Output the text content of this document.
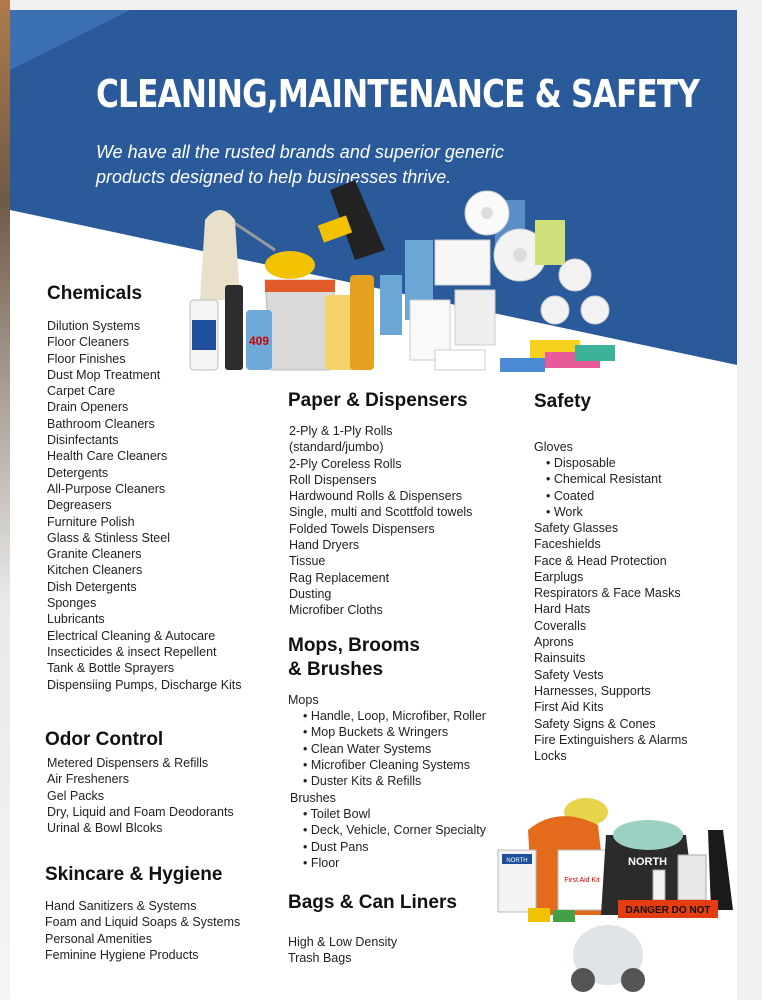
CLEANING,MAINTENANCE & SAFETY
We have all the rusted brands and superior generic
products designed to help businesses thrive.
409
Chemicals
Dilution Systems
Floor Cleaners
Floor Finishes
Dust Mop Treatment
Carpet Care
Drain Openers
Bathroom Cleaners
Disinfectants
Health Care Cleaners
Detergents
All-Purpose Cleaners
Degreasers
Furniture Polish
Glass & Stinless Steel
Granite Cleaners
Kitchen Cleaners
Dish Detergents
Sponges
Lubricants
Electrical Cleaning & Autocare
Insecticides & insect Repellent
Tank & Bottle Sprayers
Dispensiing Pumps, Discharge Kits
Odor Control
Metered Dispensers & Refills
Air Fresheners
Gel Packs
Dry, Liquid and Foam Deodorants
Urinal & Bowl Blcoks
Skincare & Hygiene
Hand Sanitizers & Systems
Foam and Liquid Soaps & Systems
Personal Amenities
Feminine Hygiene Products
Paper & Dispensers
2-Ply & 1-Ply Rolls
(standard/jumbo)
2-Ply Coreless Rolls
Roll Dispensers
Hardwound Rolls & Dispensers
Single, multi and Scottfold towels
Folded Towels Dispensers
Hand Dryers
Tissue
Rag Replacement
Dusting
Microfiber Cloths
Mops, Brooms
& Brushes
Mops
• Handle, Loop, Microfiber, Roller
• Mop Buckets & Wringers
• Clean Water Systems
• Microfiber Cleaning Systems
• Duster Kits & Refills
Brushes
• Toilet Bowl
• Deck, Vehicle, Corner Specialty
• Dust Pans
• Floor
Bags & Can Liners
High & Low Density
Trash Bags
Safety
Gloves
• Disposable
• Chemical Resistant
• Coated
• Work
Safety Glasses
Faceshields
Face & Head Protection
Earplugs
Respirators & Face Masks
Hard Hats
Coveralls
Aprons
Rainsuits
Safety Vests
Harnesses, Supports
First Aid Kits
Safety Signs & Cones
Fire Extinguishers & Alarms
Locks
First Aid Kit
NORTH	NORTH
DANGER DO NOT
